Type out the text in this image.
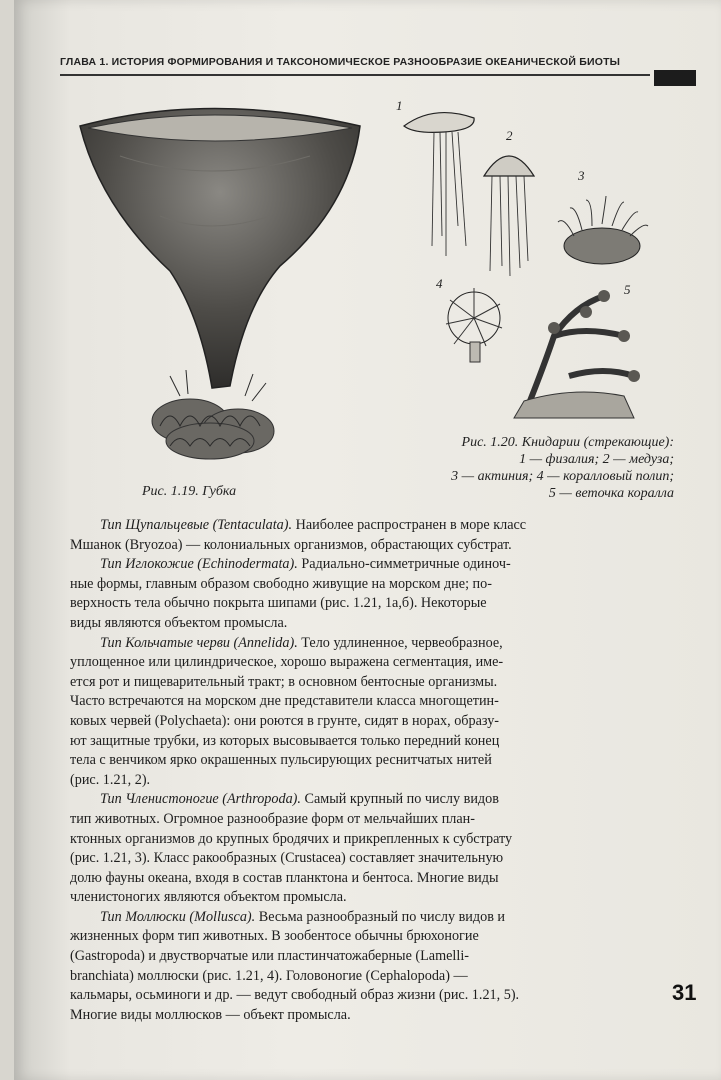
ГЛАВА 1. ИСТОРИЯ ФОРМИРОВАНИЯ И ТАКСОНОМИЧЕСКОЕ РАЗНООБРАЗИЕ ОКЕАНИЧЕСКОЙ БИОТЫ
1
2
3
4	5
Рис. 1.19. Губка
Рис. 1.20. Книдарии (стрекающие):
1 — физалия; 2 — медуза;
3 — актиния; 4 — коралловый полип;
5 — веточка коралла
Тип Щупальцевые (Tentaculata). Наиболее распространен в море класс
Мшанок (Bryozoa) — колониальных организмов, обрастающих субстрат.
Тип Иглокожие (Echinodermata). Радиально-симметричные одиноч-
ные формы, главным образом свободно живущие на морском дне; по-
верхность тела обычно покрыта шипами (рис. 1.21, 1а,б). Некоторые
виды являются объектом промысла.
Тип Кольчатые черви (Annelida). Тело удлиненное, червеобразное,
уплощенное или цилиндрическое, хорошо выражена сегментация, име-
ется рот и пищеварительный тракт; в основном бентосные организмы.
Часто встречаются на морском дне представители класса многощетин-
ковых червей (Polychaeta): они роются в грунте, сидят в норах, образу-
ют защитные трубки, из которых высовывается только передний конец
тела с венчиком ярко окрашенных пульсирующих реснитчатых нитей
(рис. 1.21, 2).
Тип Членистоногие (Arthropoda). Самый крупный по числу видов
тип животных. Огромное разнообразие форм от мельчайших план-
ктонных организмов до крупных бродячих и прикрепленных к субстрату
(рис. 1.21, 3). Класс ракообразных (Crustacea) составляет значительную
долю фауны океана, входя в состав планктона и бентоса. Многие виды
членистоногих являются объектом промысла.
Тип Моллюски (Mollusca). Весьма разнообразный по числу видов и
жизненных форм тип животных. В зообентосе обычны брюхоногие
(Gastropoda) и двустворчатые или пластинчатожаберные (Lamelli-
branchiata) моллюски (рис. 1.21, 4). Головоногие (Cephalopoda) —
кальмары, осьминоги и др. — ведут свободный образ жизни (рис. 1.21, 5).
Многие виды моллюсков — объект промысла.
31
